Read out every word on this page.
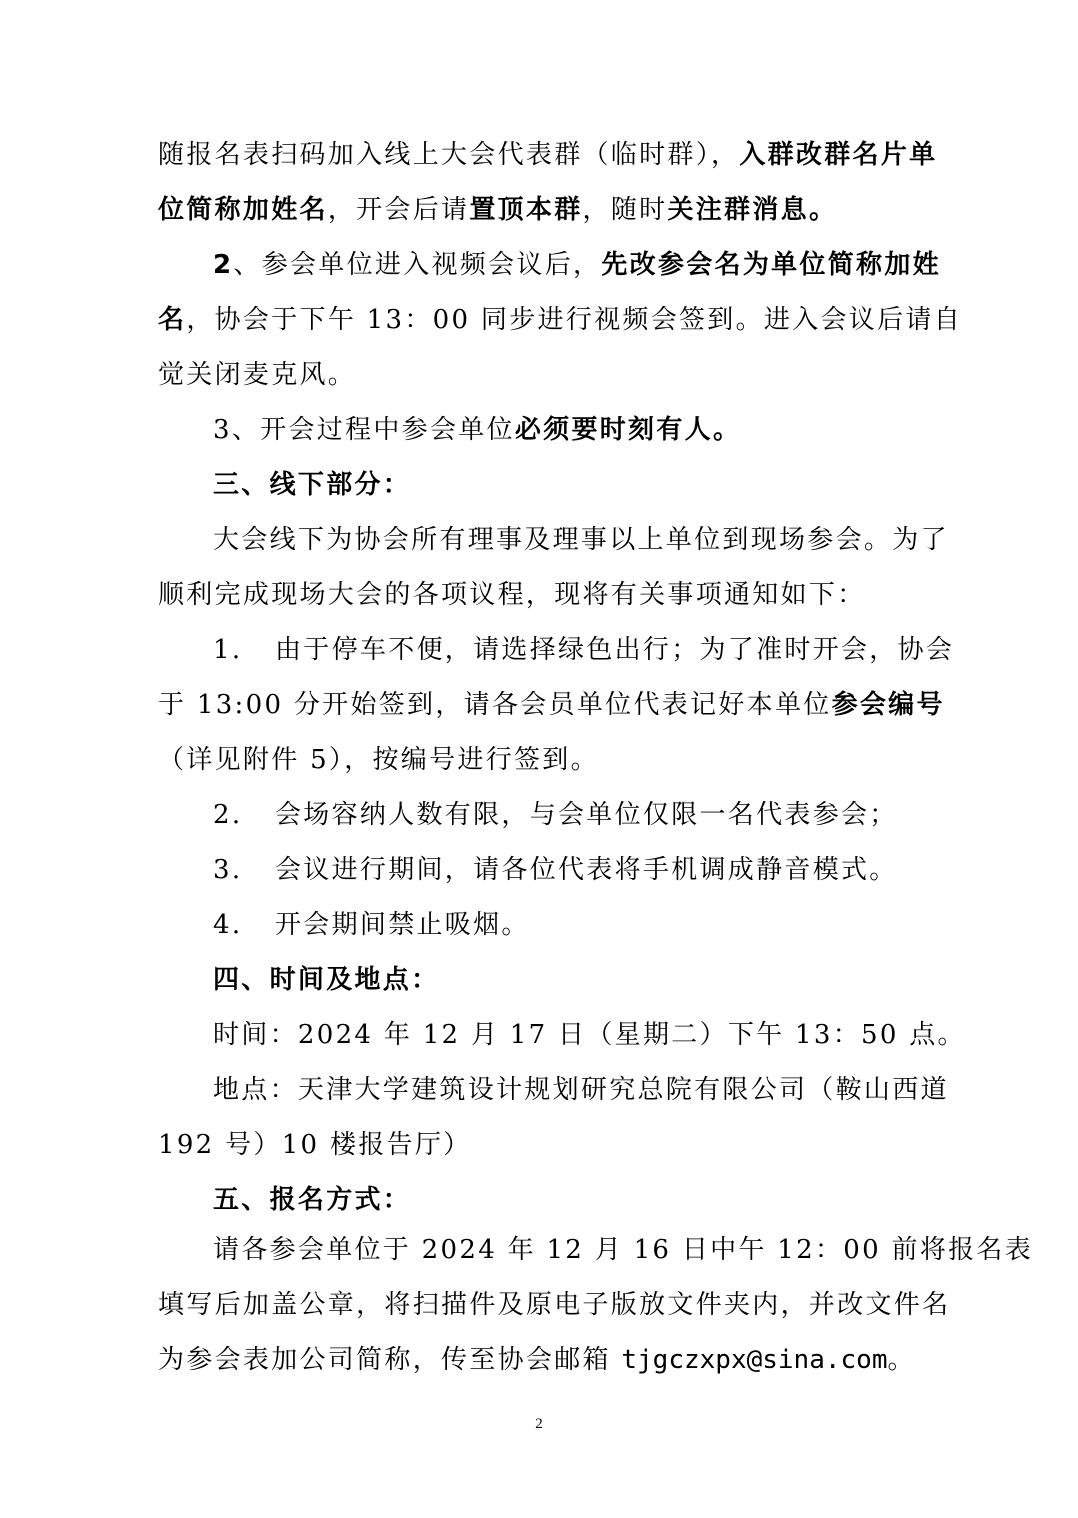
随报名表扫码加入线上大会代表群（临时群），入群改群名片单
位简称加姓名，开会后请置顶本群，随时关注群消息。
2、参会单位进入视频会议后，先改参会名为单位简称加姓
名，协会于下午 13：00 同步进行视频会签到。进入会议后请自
觉关闭麦克风。
3、开会过程中参会单位必须要时刻有人。
三、线下部分：
大会线下为协会所有理事及理事以上单位到现场参会。为了
顺利完成现场大会的各项议程，现将有关事项通知如下：
1. 由于停车不便，请选择绿色出行；为了准时开会，协会
于 13:00 分开始签到，请各会员单位代表记好本单位参会编号
（详见附件 5），按编号进行签到。
2. 会场容纳人数有限，与会单位仅限一名代表参会；
3. 会议进行期间，请各位代表将手机调成静音模式。
4. 开会期间禁止吸烟。
四、时间及地点：
时间：2024 年 12 月 17 日（星期二）下午 13：50 点。
地点：天津大学建筑设计规划研究总院有限公司（鞍山西道
192 号）10 楼报告厅）
五、报名方式：
请各参会单位于 2024 年 12 月 16 日中午 12：00 前将报名表
填写后加盖公章，将扫描件及原电子版放文件夹内，并改文件名
为参会表加公司简称，传至协会邮箱 tjgczxpx@sina.com。
2
